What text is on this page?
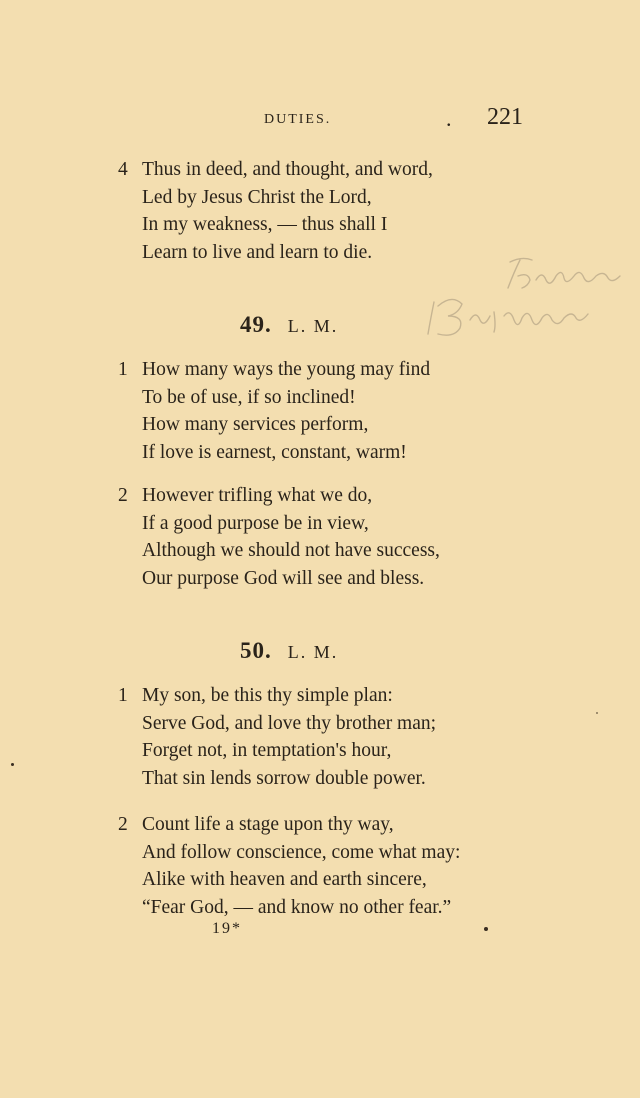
DUTIES.	. 221
4 Thus in deed, and thought, and word,
Led by Jesus Christ the Lord,
In my weakness, — thus shall I
Learn to live and learn to die.
49. L. M.
1 How many ways the young may find
To be of use, if so inclined!
How many services perform,
If love is earnest, constant, warm!
2 However trifling what we do,
If a good purpose be in view,
Although we should not have success,
Our purpose God will see and bless.
50. L. M.
1 My son, be this thy simple plan:
Serve God, and love thy brother man;
Forget not, in temptation's hour,
That sin lends sorrow double power.
2 Count life a stage upon thy way,
And follow conscience, come what may:
Alike with heaven and earth sincere,
“Fear God, — and know no other fear.”
19*
